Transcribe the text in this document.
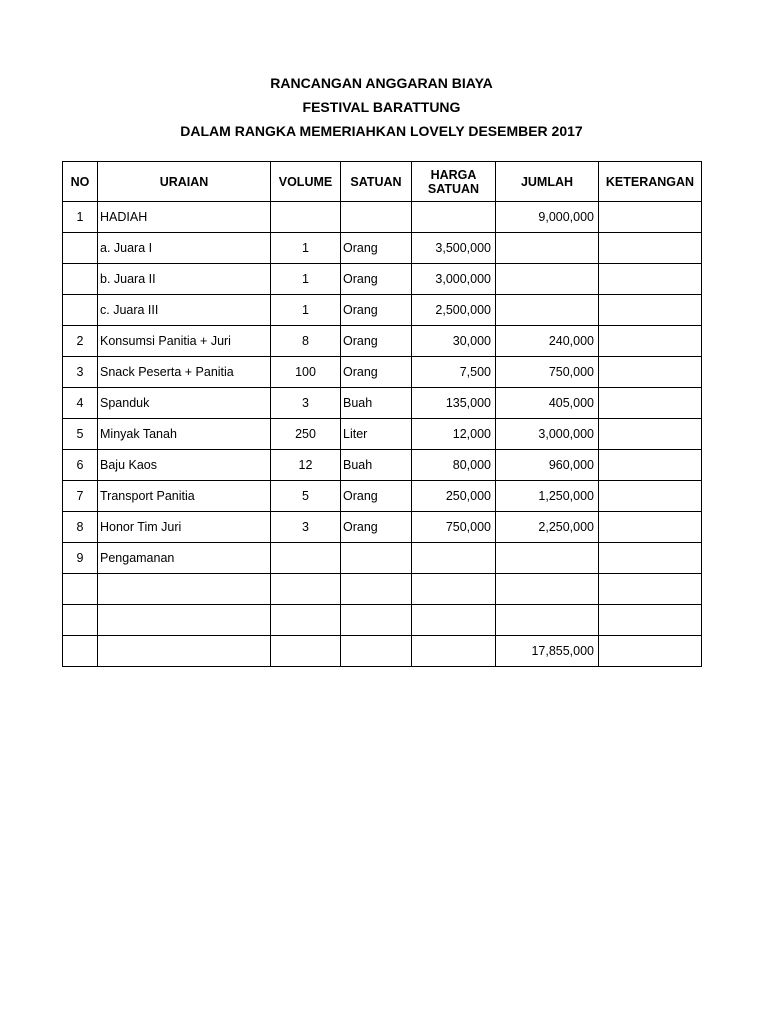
RANCANGAN ANGGARAN BIAYA
FESTIVAL BARATTUNG
DALAM RANGKA MEMERIAHKAN LOVELY DESEMBER 2017
NO	URAIAN	VOLUME	SATUAN	HARGA SATUAN	JUMLAH	KETERANGAN
1	HADIAH				9,000,000	
	a. Juara I	1	Orang	3,500,000		
	b. Juara II	1	Orang	3,000,000		
	c. Juara III	1	Orang	2,500,000		
2	Konsumsi Panitia + Juri	8	Orang	30,000	240,000	
3	Snack Peserta + Panitia	100	Orang	7,500	750,000	
4	Spanduk	3	Buah	135,000	405,000	
5	Minyak Tanah	250	Liter	12,000	3,000,000	
6	Baju Kaos	12	Buah	80,000	960,000	
7	Transport Panitia	5	Orang	250,000	1,250,000	
8	Honor Tim Juri	3	Orang	750,000	2,250,000	
9	Pengamanan					

					17,855,000	
